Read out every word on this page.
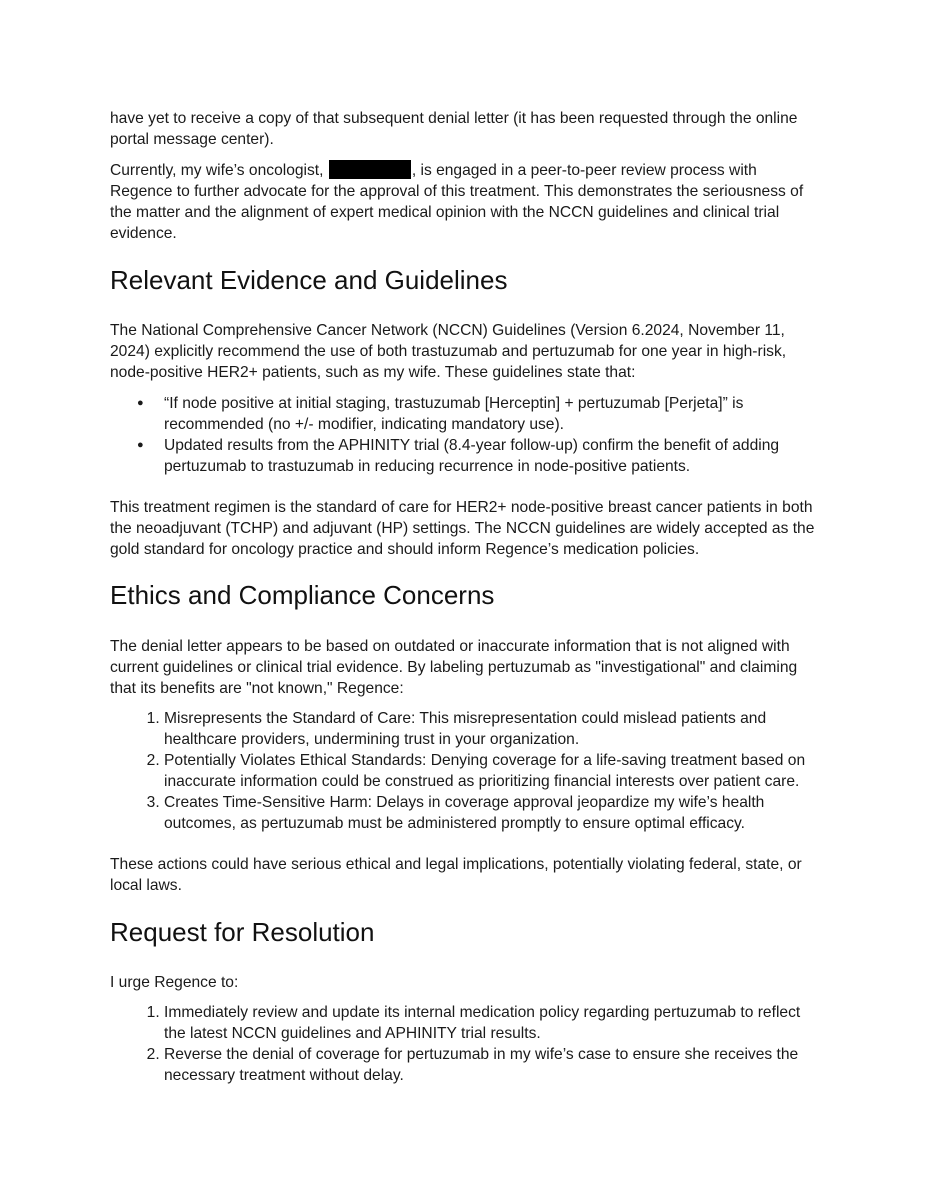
have yet to receive a copy of that subsequent denial letter (it has been requested through the online portal message center).

Currently, my wife’s oncologist,	, is engaged in a peer-to-peer review process with Regence to further advocate for the approval of this treatment. This demonstrates the seriousness of the matter and the alignment of expert medical opinion with the NCCN guidelines and clinical trial evidence.

Relevant Evidence and Guidelines

The National Comprehensive Cancer Network (NCCN) Guidelines (Version 6.2024, November 11, 2024) explicitly recommend the use of both trastuzumab and pertuzumab for one year in high-risk, node-positive HER2+ patients, such as my wife. These guidelines state that:

● “If node positive at initial staging, trastuzumab [Herceptin] + pertuzumab [Perjeta]” is recommended (no +/- modifier, indicating mandatory use).
● Updated results from the APHINITY trial (8.4-year follow-up) confirm the benefit of adding pertuzumab to trastuzumab in reducing recurrence in node-positive patients.

This treatment regimen is the standard of care for HER2+ node-positive breast cancer patients in both the neoadjuvant (TCHP) and adjuvant (HP) settings. The NCCN guidelines are widely accepted as the gold standard for oncology practice and should inform Regence’s medication policies.

Ethics and Compliance Concerns

The denial letter appears to be based on outdated or inaccurate information that is not aligned with current guidelines or clinical trial evidence. By labeling pertuzumab as "investigational" and claiming that its benefits are "not known," Regence:

1. Misrepresents the Standard of Care: This misrepresentation could mislead patients and healthcare providers, undermining trust in your organization.
2. Potentially Violates Ethical Standards: Denying coverage for a life-saving treatment based on inaccurate information could be construed as prioritizing financial interests over patient care.
3. Creates Time-Sensitive Harm: Delays in coverage approval jeopardize my wife’s health outcomes, as pertuzumab must be administered promptly to ensure optimal efficacy.

These actions could have serious ethical and legal implications, potentially violating federal, state, or local laws.

Request for Resolution

I urge Regence to:

1. Immediately review and update its internal medication policy regarding pertuzumab to reflect the latest NCCN guidelines and APHINITY trial results.
2. Reverse the denial of coverage for pertuzumab in my wife’s case to ensure she receives the necessary treatment without delay.
